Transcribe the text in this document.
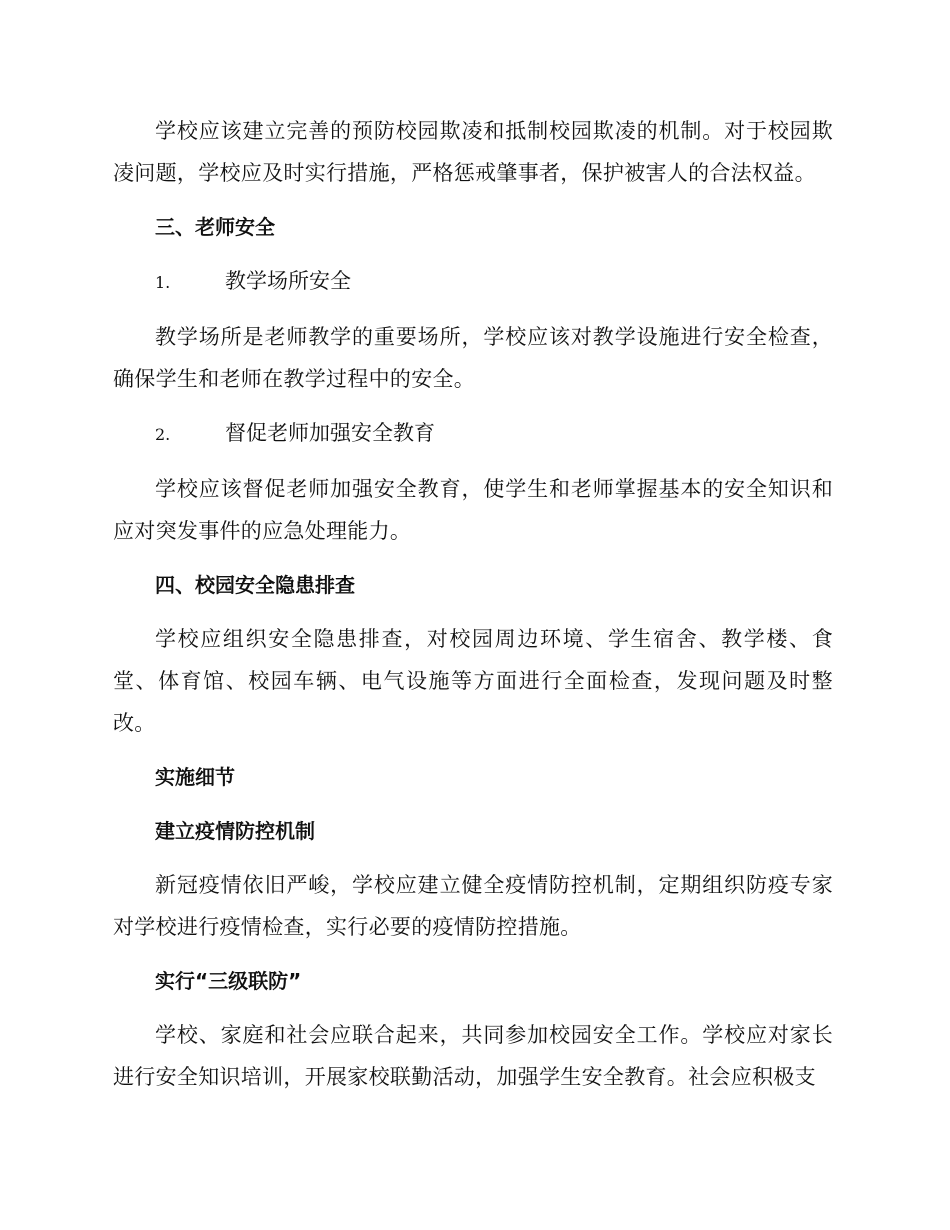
学校应该建立完善的预防校园欺凌和抵制校园欺凌的机制。对于校园欺凌问题，学校应及时实行措施，严格惩戒肇事者，保护被害人的合法权益。

三、老师安全
1.	教学场所安全

教学场所是老师教学的重要场所，学校应该对教学设施进行安全检查，确保学生和老师在教学过程中的安全。

2.	督促老师加强安全教育

学校应该督促老师加强安全教育，使学生和老师掌握基本的安全知识和应对突发事件的应急处理能力。

四、校园安全隐患排查

学校应组织安全隐患排查，对校园周边环境、学生宿舍、教学楼、食堂、体育馆、校园车辆、电气设施等方面进行全面检查，发现问题及时整改。

实施细节
建立疫情防控机制

新冠疫情依旧严峻，学校应建立健全疫情防控机制，定期组织防疫专家对学校进行疫情检查，实行必要的疫情防控措施。

实行“三级联防”

学校、家庭和社会应联合起来，共同参加校园安全工作。学校应对家长进行安全知识培训，开展家校联勤活动，加强学生安全教育。社会应积极支
